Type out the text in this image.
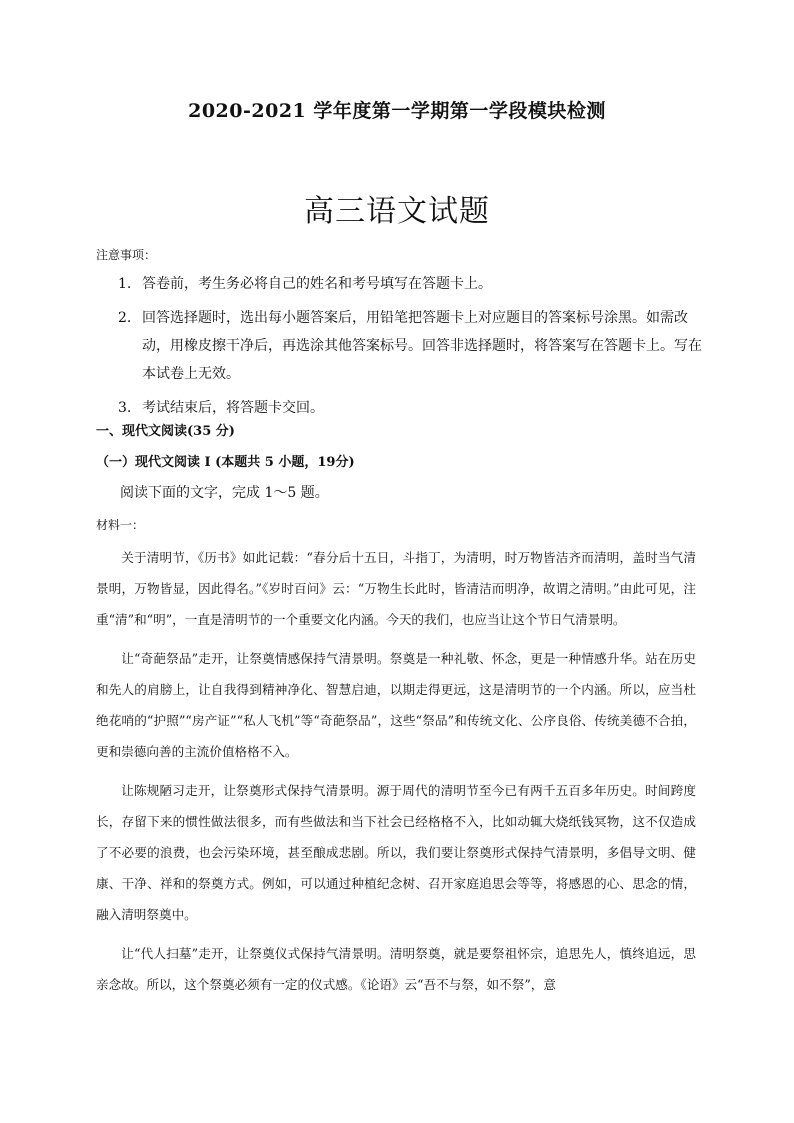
2020-2021 学年度第一学期第一学段模块检测
高三语文试题
注意事项：
1. 答卷前，考生务必将自己的姓名和考号填写在答题卡上。
2. 回答选择题时，选出每小题答案后，用铅笔把答题卡上对应题目的答案标号涂黑。如需改动，用橡皮擦干净后，再选涂其他答案标号。回答非选择题时，将答案写在答题卡上。写在本试卷上无效。
3. 考试结束后，将答题卡交回。
一、现代文阅读(35 分)
（一）现代文阅读 I (本题共 5 小题，19分)
阅读下面的文字，完成 1～5 题。
材料一：

关于清明节，《历书》如此记载：“春分后十五日，斗指丁，为清明，时万物皆洁齐而清明，盖时当气清景明，万物皆显，因此得名。”《岁时百问》云：“万物生长此时，皆清洁而明净，故谓之清明。”由此可见，注重“清”和“明”，一直是清明节的一个重要文化内涵。今天的我们，也应当让这个节日气清景明。

让“奇葩祭品”走开，让祭奠情感保持气清景明。祭奠是一种礼敬、怀念，更是一种情感升华。站在历史和先人的肩膀上，让自我得到精神净化、智慧启迪，以期走得更远，这是清明节的一个内涵。所以，应当杜绝花哨的“护照”“房产证”“私人飞机”等“奇葩祭品”，这些“祭品”和传统文化、公序良俗、传统美德不合拍，更和崇德向善的主流价值格格不入。

让陈规陋习走开，让祭奠形式保持气清景明。源于周代的清明节至今已有两千五百多年历史。时间跨度长，存留下来的惯性做法很多，而有些做法和当下社会已经格格不入，比如动辄大烧纸钱冥物，这不仅造成了不必要的浪费，也会污染环境，甚至酿成悲剧。所以，我们要让祭奠形式保持气清景明，多倡导文明、健康、干净、祥和的祭奠方式。例如，可以通过种植纪念树、召开家庭追思会等等，将感恩的心、思念的情，融入清明祭奠中。

让“代人扫墓”走开，让祭奠仪式保持气清景明。清明祭奠，就是要祭祖怀宗，追思先人，慎终追远，思亲念故。所以，这个祭奠必须有一定的仪式感。《论语》云“吾不与祭，如不祭”，意
